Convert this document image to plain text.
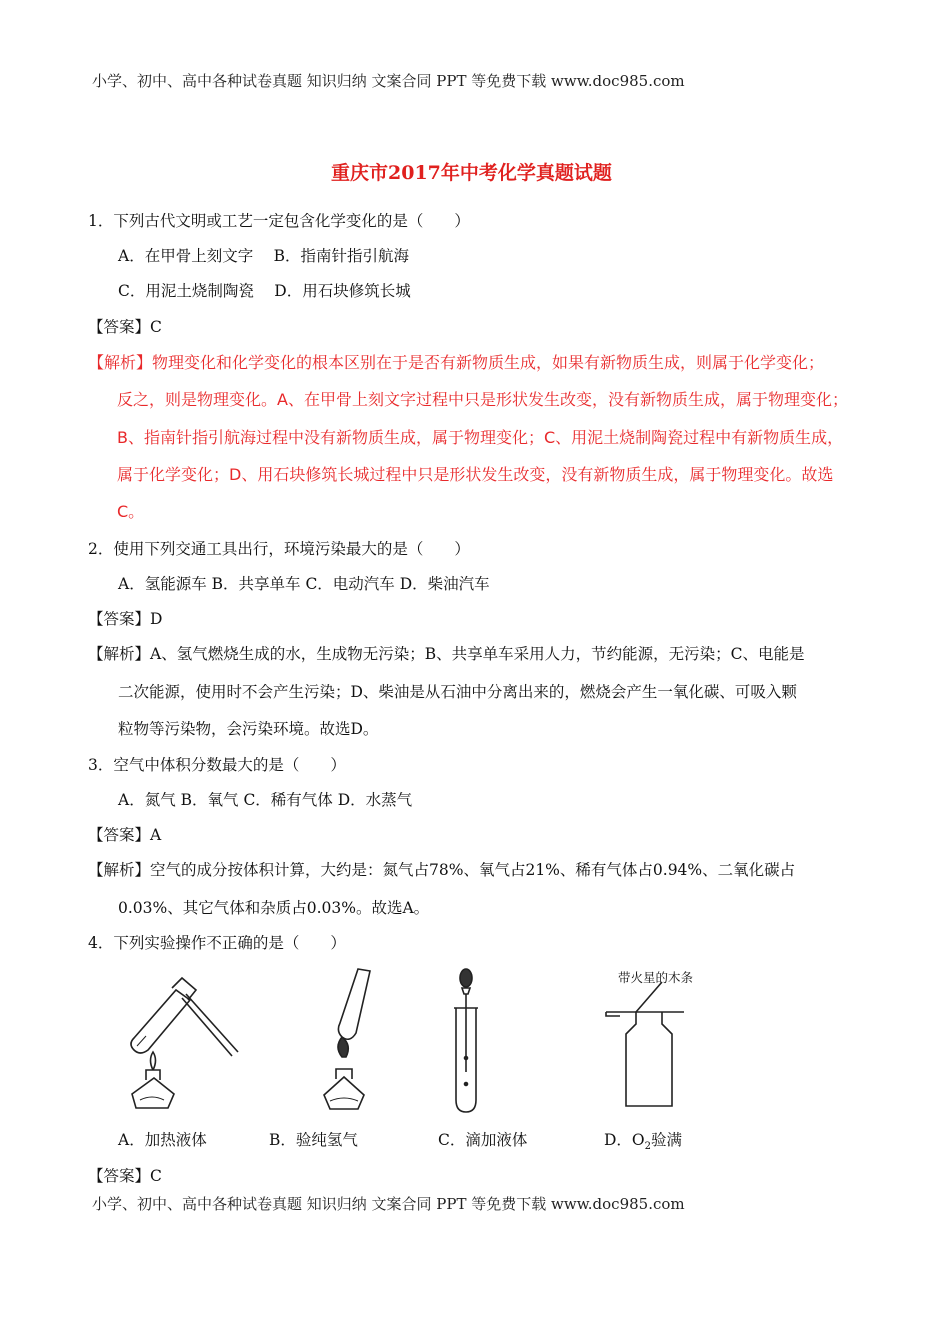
小学、初中、高中各种试卷真题 知识归纳 文案合同 PPT 等免费下载 www.doc985.com
重庆市2017年中考化学真题试题
1．下列古代文明或工艺一定包含化学变化的是（　　）
A．在甲骨上刻文字　 B．指南针指引航海
C．用泥土烧制陶瓷　 D．用石块修筑长城
【答案】C
【解析】物理变化和化学变化的根本区别在于是否有新物质生成，如果有新物质生成，则属于化学变化；
反之，则是物理变化。A、在甲骨上刻文字过程中只是形状发生改变，没有新物质生成，属于物理变化；
B、指南针指引航海过程中没有新物质生成，属于物理变化；C、用泥土烧制陶瓷过程中有新物质生成，
属于化学变化；D、用石块修筑长城过程中只是形状发生改变，没有新物质生成，属于物理变化。故选
C。
2．使用下列交通工具出行，环境污染最大的是（　　）
A．氢能源车 B．共享单车 C．电动汽车 D．柴油汽车
【答案】D
【解析】A、氢气燃烧生成的水，生成物无污染；B、共享单车采用人力，节约能源，无污染；C、电能是
二次能源，使用时不会产生污染；D、柴油是从石油中分离出来的，燃烧会产生一氧化碳、可吸入颗
粒物等污染物，会污染环境。故选D。
3．空气中体积分数最大的是（　　）
A．氮气 B．氧气 C．稀有气体 D．水蒸气
【答案】A
【解析】空气的成分按体积计算，大约是：氮气占78%、氧气占21%、稀有气体占0.94%、二氧化碳占
0.03%、其它气体和杂质占0.03%。故选A。
4．下列实验操作不正确的是（　　）
带火星的木条
A．加热液体	B．验纯氢气	C．滴加液体	D．$O_2$验满
【答案】C
小学、初中、高中各种试卷真题 知识归纳 文案合同 PPT 等免费下载 www.doc985.com
